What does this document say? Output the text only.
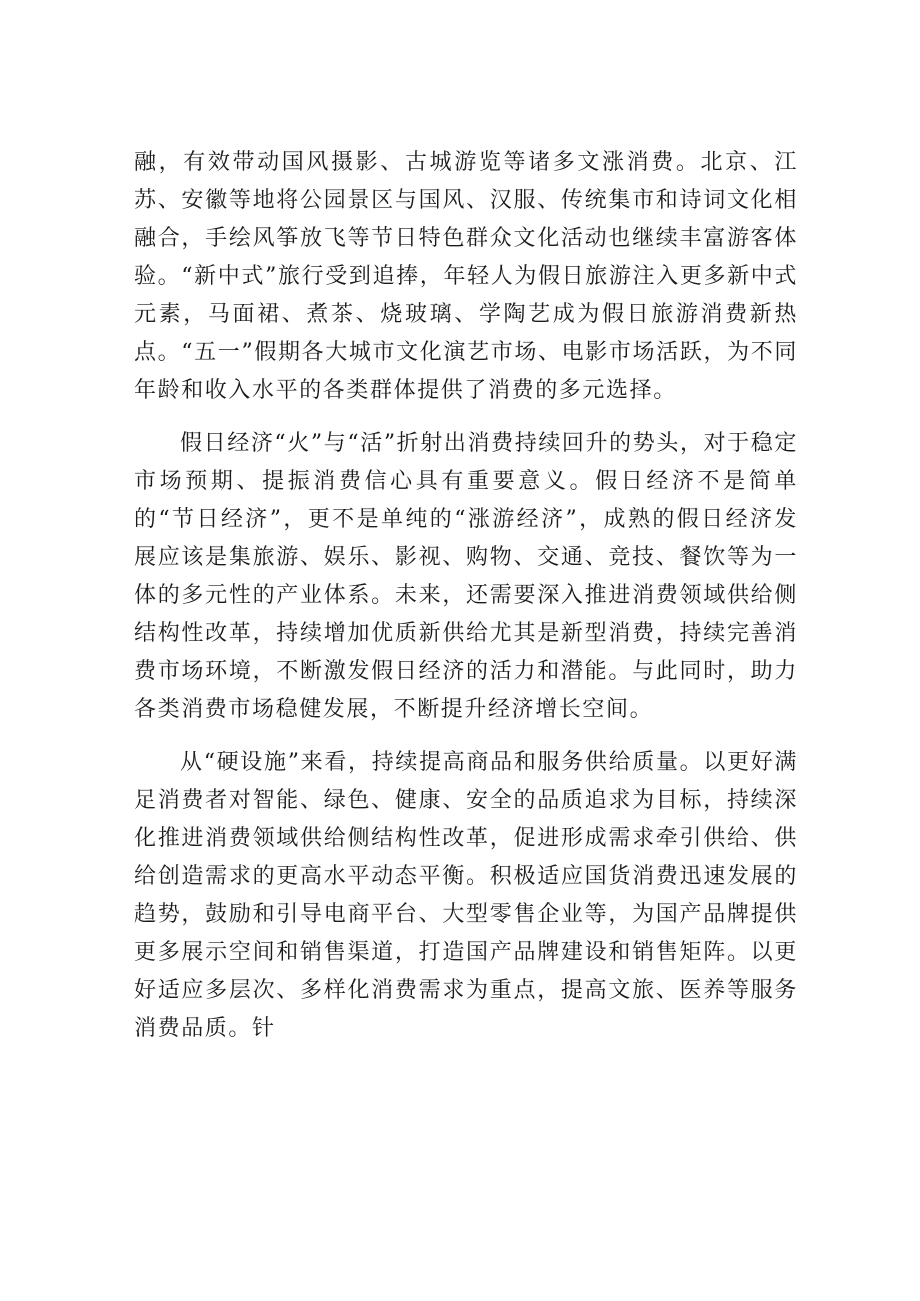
融，有效带动国风摄影、古城游览等诸多文涨消费。北京、江苏、安徽等地将公园景区与国风、汉服、传统集市和诗词文化相融合，手绘风筝放飞等节日特色群众文化活动也继续丰富游客体验。“新中式”旅行受到追捧，年轻人为假日旅游注入更多新中式元素，马面裙、煮茶、烧玻璃、学陶艺成为假日旅游消费新热点。“五一”假期各大城市文化演艺市场、电影市场活跃，为不同年龄和收入水平的各类群体提供了消费的多元选择。

假日经济“火”与“活”折射出消费持续回升的势头，对于稳定市场预期、提振消费信心具有重要意义。假日经济不是简单的“节日经济”，更不是单纯的“涨游经济”，成熟的假日经济发展应该是集旅游、娱乐、影视、购物、交通、竞技、餐饮等为一体的多元性的产业体系。未来，还需要深入推进消费领域供给侧结构性改革，持续增加优质新供给尤其是新型消费，持续完善消费市场环境，不断激发假日经济的活力和潜能。与此同时，助力各类消费市场稳健发展，不断提升经济增长空间。

从“硬设施”来看，持续提高商品和服务供给质量。以更好满足消费者对智能、绿色、健康、安全的品质追求为目标，持续深化推进消费领域供给侧结构性改革，促进形成需求牵引供给、供给创造需求的更高水平动态平衡。积极适应国货消费迅速发展的趋势，鼓励和引导电商平台、大型零售企业等，为国产品牌提供更多展示空间和销售渠道，打造国产品牌建设和销售矩阵。以更好适应多层次、多样化消费需求为重点，提高文旅、医养等服务消费品质。针
